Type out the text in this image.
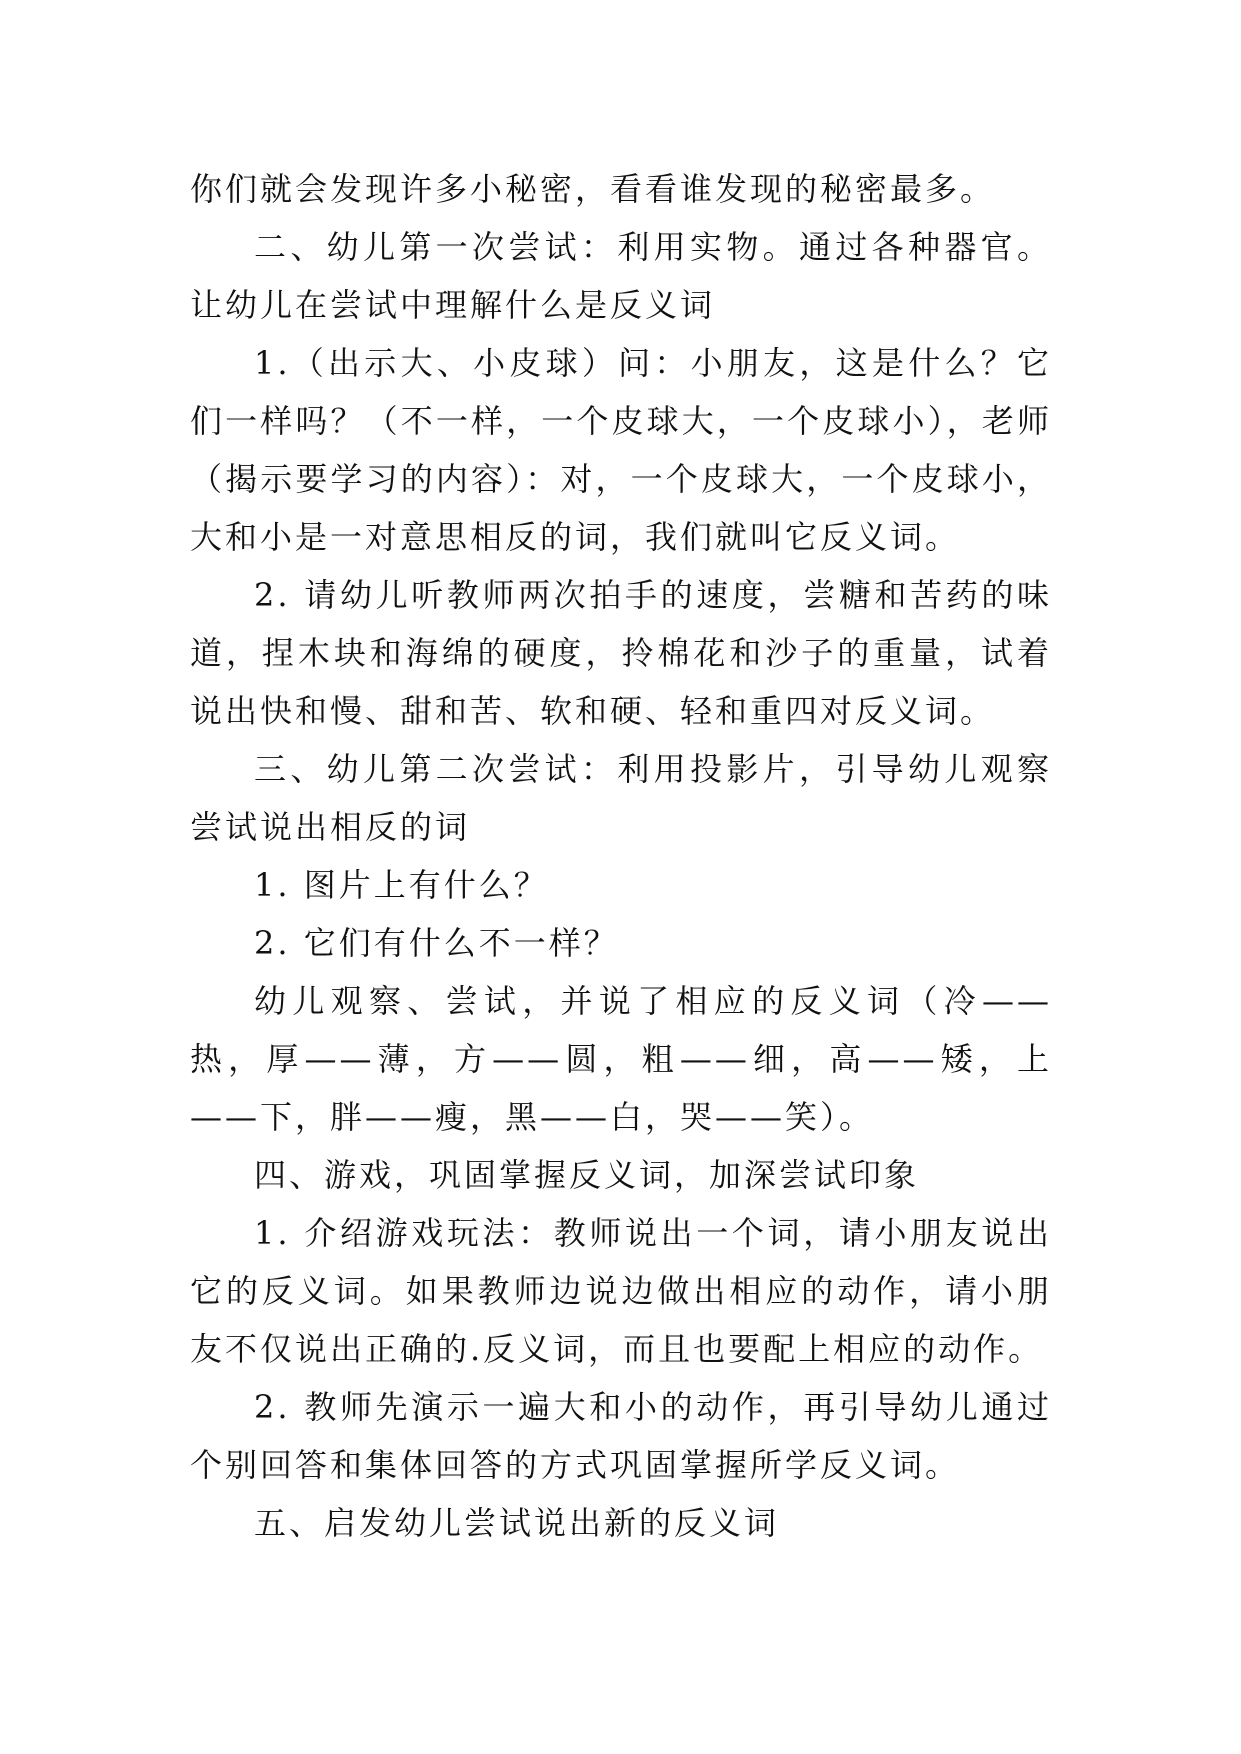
你们就会发现许多小秘密，看看谁发现的秘密最多。

二、幼儿第一次尝试：利用实物。通过各种器官。让幼儿在尝试中理解什么是反义词

1.（出示大、小皮球）问：小朋友，这是什么？它们一样吗？（不一样，一个皮球大，一个皮球小），老师（揭示要学习的内容）：对，一个皮球大，一个皮球小，大和小是一对意思相反的词，我们就叫它反义词。

2. 请幼儿听教师两次拍手的速度，尝糖和苦药的味道，捏木块和海绵的硬度，拎棉花和沙子的重量，试着说出快和慢、甜和苦、软和硬、轻和重四对反义词。

三、幼儿第二次尝试：利用投影片，引导幼儿观察尝试说出相反的词

1. 图片上有什么？

2. 它们有什么不一样？

幼儿观察、尝试，并说了相应的反义词（冷——热，厚——薄，方——圆，粗——细，高——矮，上——下，胖——瘦，黑——白，哭——笑）。

四、游戏，巩固掌握反义词，加深尝试印象

1. 介绍游戏玩法：教师说出一个词，请小朋友说出它的反义词。如果教师边说边做出相应的动作，请小朋友不仅说出正确的.反义词，而且也要配上相应的动作。

2. 教师先演示一遍大和小的动作，再引导幼儿通过个别回答和集体回答的方式巩固掌握所学反义词。

五、启发幼儿尝试说出新的反义词
